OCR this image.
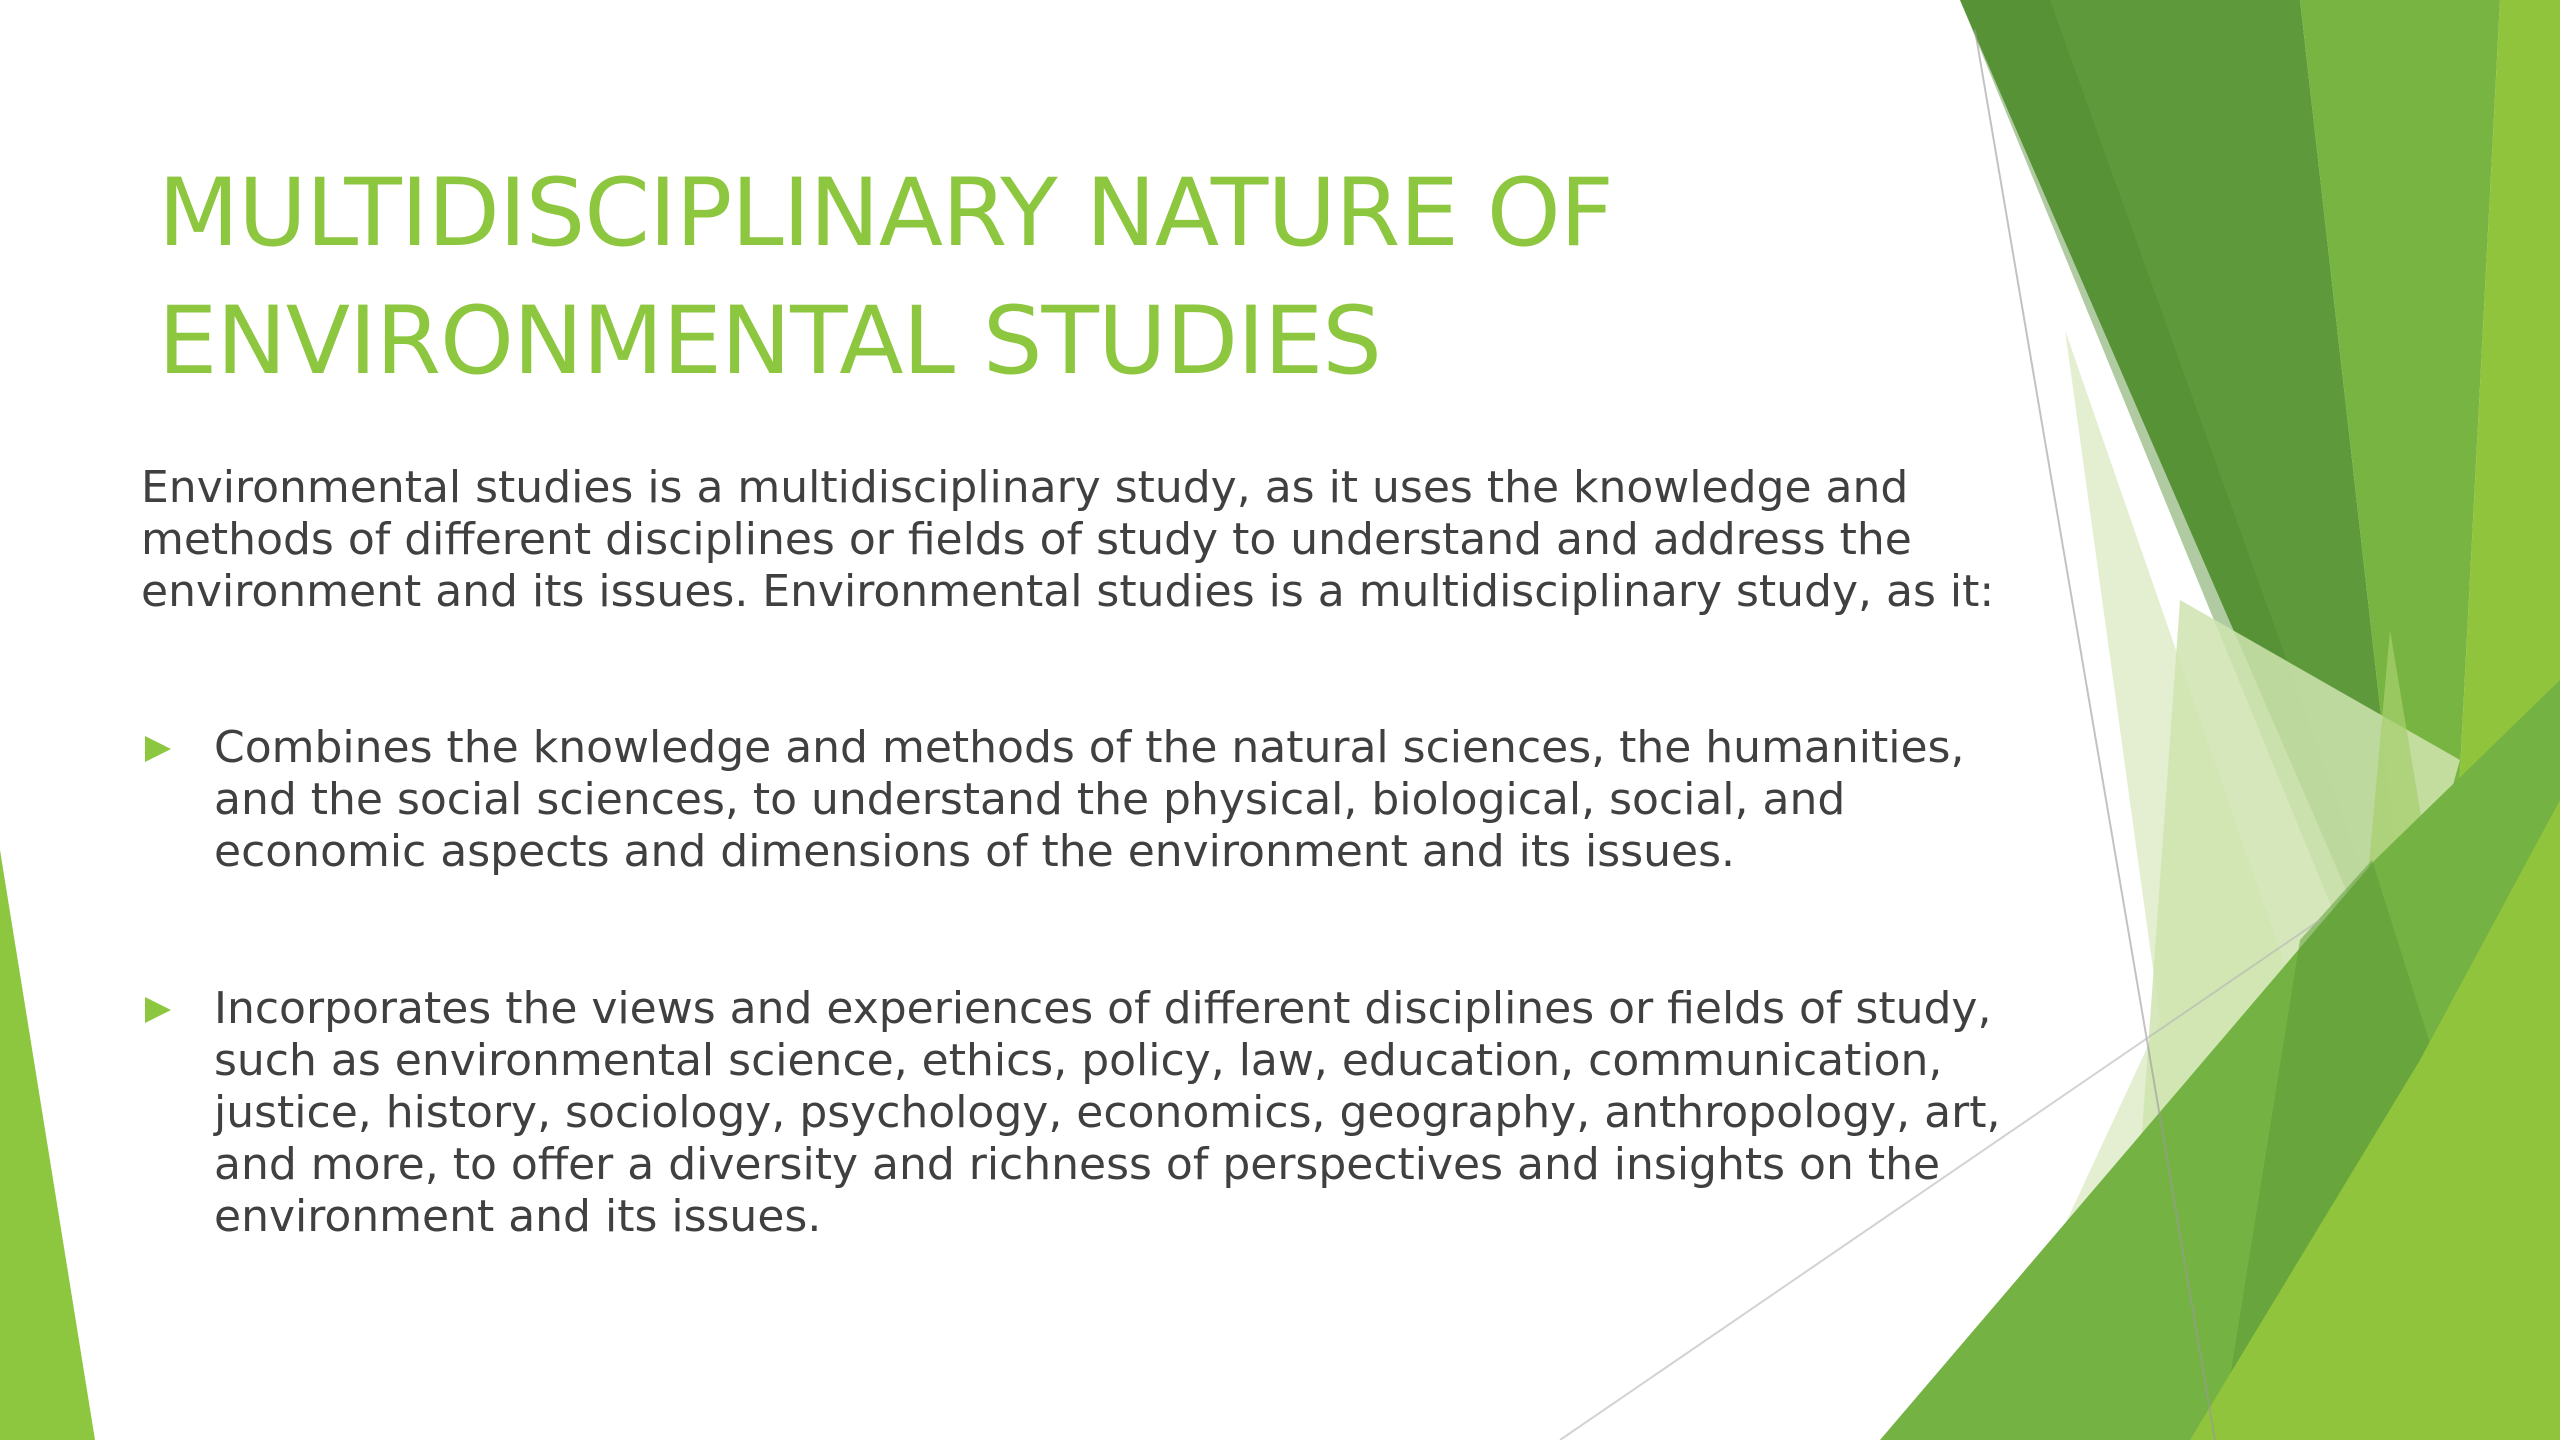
MULTIDISCIPLINARY NATURE OF
ENVIRONMENTAL STUDIES

Environmental studies is a multidisciplinary study, as it uses the knowledge and methods of different disciplines or fields of study to understand and address the environment and its issues. Environmental studies is a multidisciplinary study, as it:

Combines the knowledge and methods of the natural sciences, the humanities, and the social sciences, to understand the physical, biological, social, and economic aspects and dimensions of the environment and its issues.

Incorporates the views and experiences of different disciplines or fields of study, such as environmental science, ethics, policy, law, education, communication, justice, history, sociology, psychology, economics, geography, anthropology, art, and more, to offer a diversity and richness of perspectives and insights on the environment and its issues.
